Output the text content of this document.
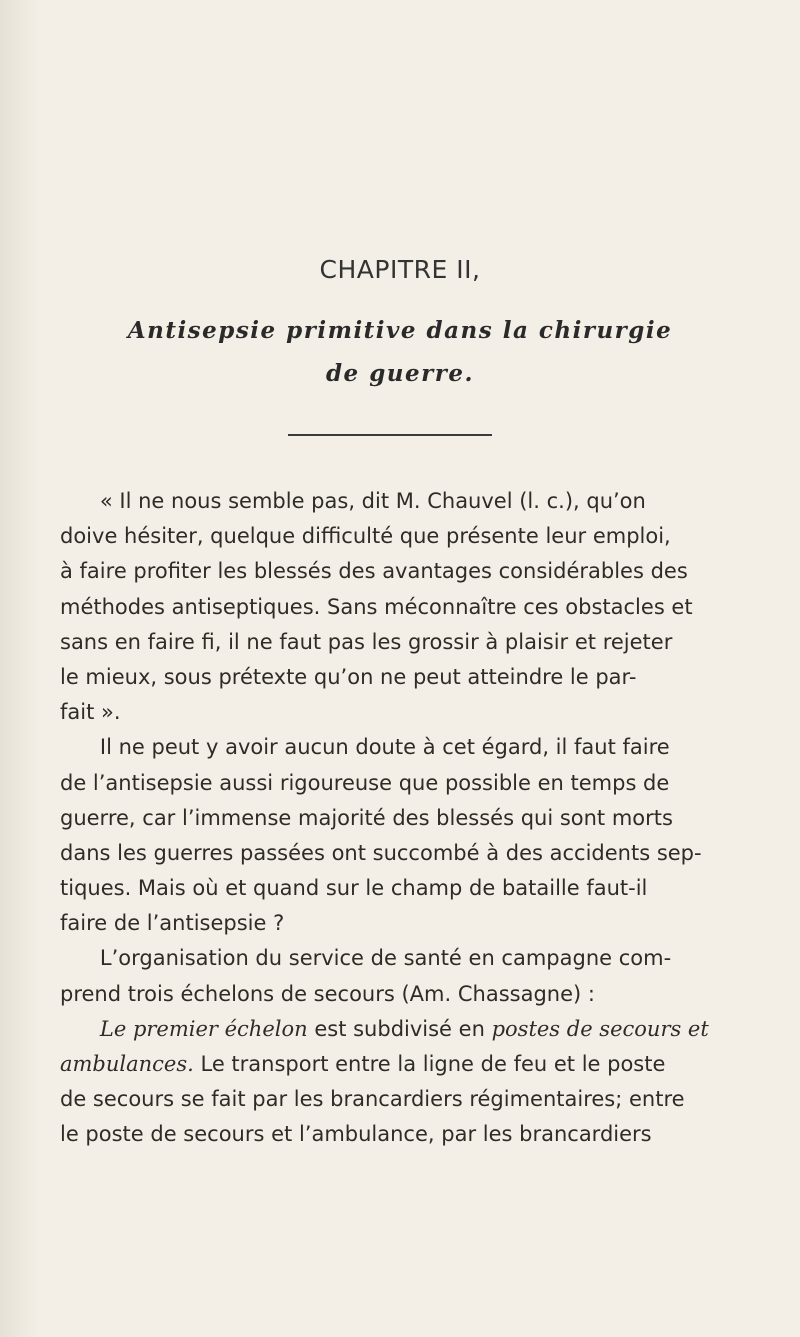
CHAPITRE II,
Antisepsie primitive dans la chirurgie
de guerre.
« Il ne nous semble pas, dit M. Chauvel (l. c.), qu’on
doive hésiter, quelque difficulté que présente leur emploi,
à faire profiter les blessés des avantages considérables des
méthodes antiseptiques. Sans méconnaître ces obstacles et
sans en faire fi, il ne faut pas les grossir à plaisir et rejeter
le mieux, sous prétexte qu’on ne peut atteindre le par-
fait ».
Il ne peut y avoir aucun doute à cet égard, il faut faire
de l’antisepsie aussi rigoureuse que possible en temps de
guerre, car l’immense majorité des blessés qui sont morts
dans les guerres passées ont succombé à des accidents sep-
tiques. Mais où et quand sur le champ de bataille faut-il
faire de l’antisepsie ?
L’organisation du service de santé en campagne com-
prend trois échelons de secours (Am. Chassagne) :
Le premier échelon est subdivisé en postes de secours et
ambulances. Le transport entre la ligne de feu et le poste
de secours se fait par les brancardiers régimentaires; entre
le poste de secours et l’ambulance, par les brancardiers
